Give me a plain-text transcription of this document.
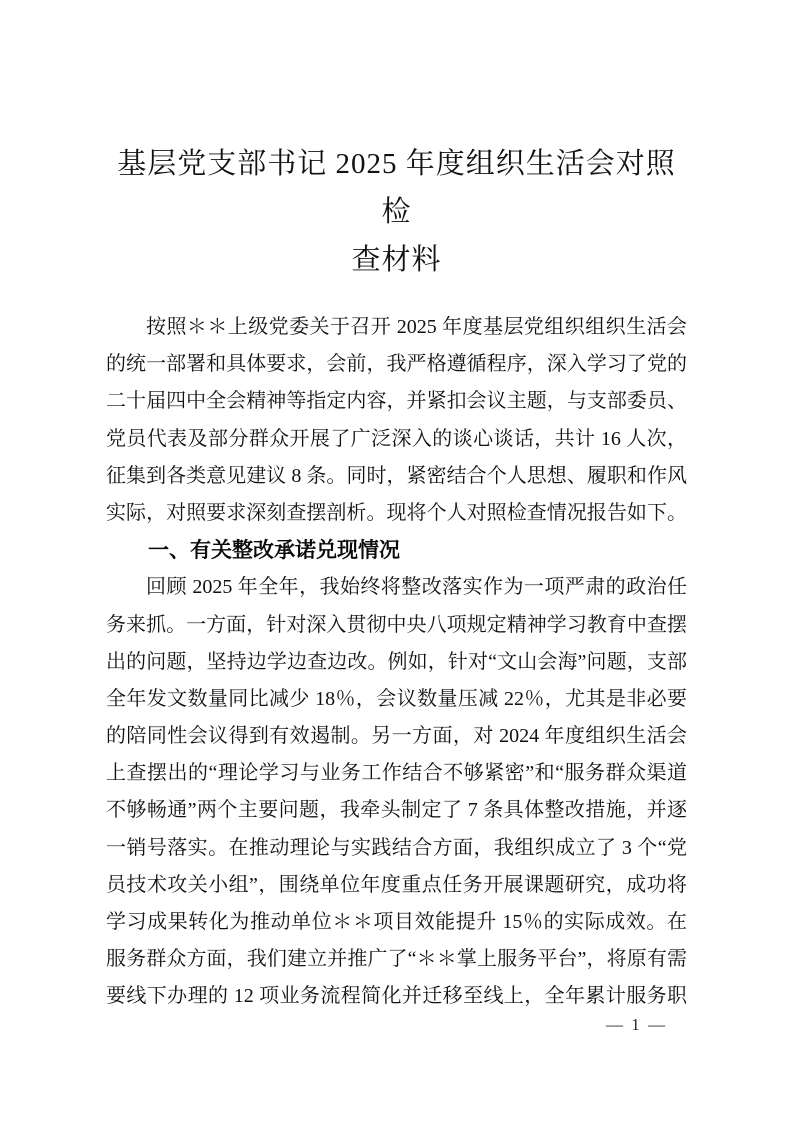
基层党支部书记 2025 年度组织生活会对照检
查材料
按照＊＊上级党委关于召开 2025 年度基层党组织组织生活会
的统一部署和具体要求，会前，我严格遵循程序，深入学习了党的
二十届四中全会精神等指定内容，并紧扣会议主题，与支部委员、
党员代表及部分群众开展了广泛深入的谈心谈话，共计 16 人次，
征集到各类意见建议 8 条。同时，紧密结合个人思想、履职和作风
实际，对照要求深刻查摆剖析。现将个人对照检查情况报告如下。
一、有关整改承诺兑现情况
回顾 2025 年全年，我始终将整改落实作为一项严肃的政治任
务来抓。一方面，针对深入贯彻中央八项规定精神学习教育中查摆
出的问题，坚持边学边查边改。例如，针对“文山会海”问题，支部
全年发文数量同比减少 18％，会议数量压减 22％，尤其是非必要
的陪同性会议得到有效遏制。另一方面，对 2024 年度组织生活会
上查摆出的“理论学习与业务工作结合不够紧密”和“服务群众渠道
不够畅通”两个主要问题，我牵头制定了 7 条具体整改措施，并逐
一销号落实。在推动理论与实践结合方面，我组织成立了 3 个“党
员技术攻关小组”，围绕单位年度重点任务开展课题研究，成功将
学习成果转化为推动单位＊＊项目效能提升 15％的实际成效。在
服务群众方面，我们建立并推广了“＊＊掌上服务平台”，将原有需
要线下办理的 12 项业务流程简化并迁移至线上，全年累计服务职
— 1 —
